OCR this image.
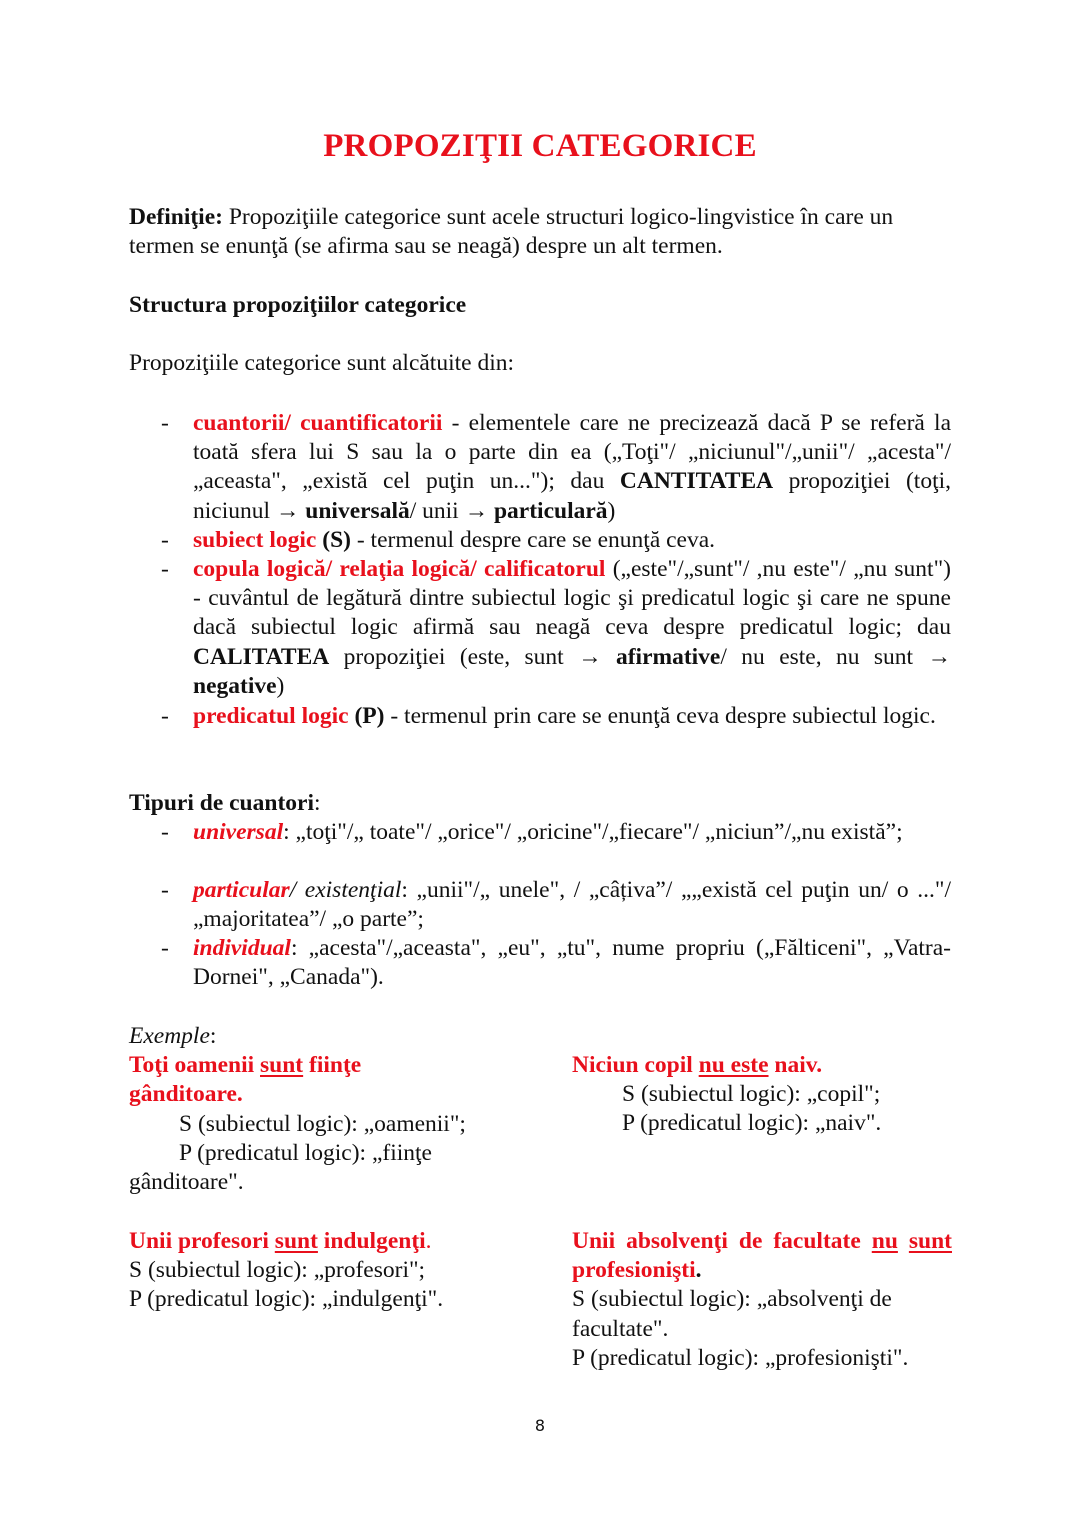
PROPOZIŢII CATEGORICE
Definiţie: Propoziţiile categorice sunt acele structuri logico-lingvistice în care un termen se enunţă (se afirma sau se neagă) despre un alt termen.
Structura propoziţiilor categorice
Propoziţiile categorice sunt alcătuite din:
- cuantorii/ cuantificatorii - elementele care ne precizează dacă P se referă la toată sfera lui S sau la o parte din ea („Toţi"/ „niciunul"/„unii"/ „acesta"/„aceasta", „există cel puţin un..."); dau CANTITATEA propoziţiei (toţi, niciunul → universală/ unii → particulară)
- subiect logic (S) - termenul despre care se enunţă ceva.
- copula logică/ relaţia logică/ calificatorul („este"/„sunt"/ ,nu este"/ „nu sunt") - cuvântul de legătură dintre subiectul logic şi predicatul logic şi care ne spune dacă subiectul logic afirmă sau neagă ceva despre predicatul logic; dau CALITATEA propoziţiei (este, sunt → afirmative/ nu este, nu sunt → negative)
- predicatul logic (P) - termenul prin care se enunţă ceva despre subiectul logic.
Tipuri de cuantori:
- universal: „toţi"/„ toate"/ „orice"/ „oricine"/„fiecare"/ „niciun”/„nu există”;
- particular/ existenţial: „unii"/„ unele", / „câțiva”/ „„există cel puţin un/ o ..."/ „majoritatea”/ „o parte”;
- individual: „acesta"/„aceasta", „eu", „tu", nume propriu („Fălticeni", „Vatra-Dornei", „Canada").
Exemple:
Toţi oamenii sunt fiinţe gânditoare.
S (subiectul logic): „oamenii";
P (predicatul logic): „fiinţe gânditoare".
Niciun copil nu este naiv.
S (subiectul logic): „copil";
P (predicatul logic): „naiv".
Unii profesori sunt indulgenţi.
S (subiectul logic): „profesori";
P (predicatul logic): „indulgenţi".
Unii absolvenţi de facultate nu sunt profesionişti.
S (subiectul logic): „absolvenţi de facultate".
P (predicatul logic): „profesionişti".
8
